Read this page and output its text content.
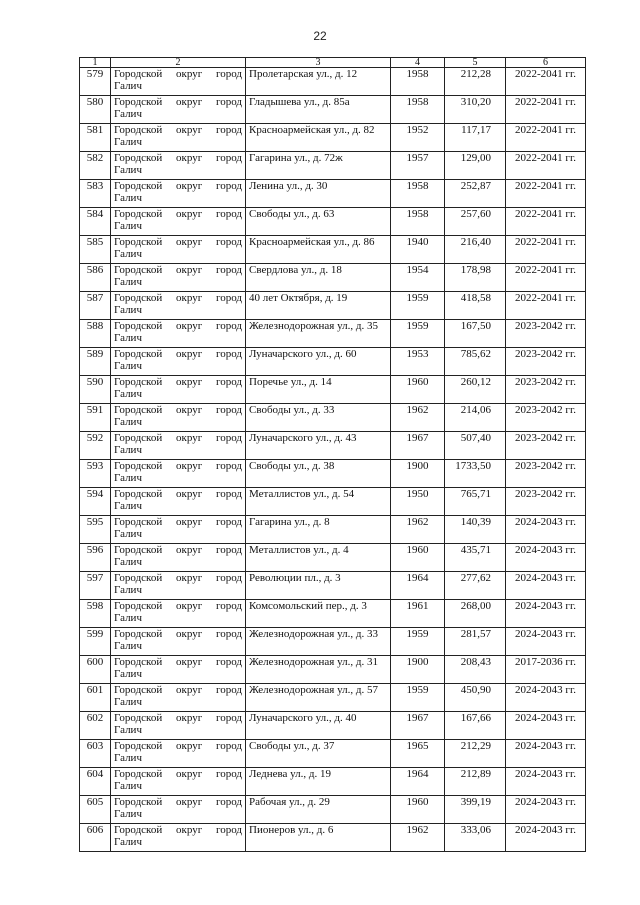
22
1	2	3	4	5	6
579	Городской округ город Галич	Пролетарская ул., д. 12	1958	212,28	2022-2041 гг.
580	Городской округ город Галич	Гладышева ул., д. 85а	1958	310,20	2022-2041 гг.
581	Городской округ город Галич	Красноармейская ул., д. 82	1952	117,17	2022-2041 гг.
582	Городской округ город Галич	Гагарина ул., д. 72ж	1957	129,00	2022-2041 гг.
583	Городской округ город Галич	Ленина ул., д. 30	1958	252,87	2022-2041 гг.
584	Городской округ город Галич	Свободы ул., д. 63	1958	257,60	2022-2041 гг.
585	Городской округ город Галич	Красноармейская ул., д. 86	1940	216,40	2022-2041 гг.
586	Городской округ город Галич	Свердлова ул., д. 18	1954	178,98	2022-2041 гг.
587	Городской округ город Галич	40 лет Октября, д. 19	1959	418,58	2022-2041 гг.
588	Городской округ город Галич	Железнодорожная ул., д. 35	1959	167,50	2023-2042 гг.
589	Городской округ город Галич	Луначарского ул., д. 60	1953	785,62	2023-2042 гг.
590	Городской округ город Галич	Поречье ул., д. 14	1960	260,12	2023-2042 гг.
591	Городской округ город Галич	Свободы ул., д. 33	1962	214,06	2023-2042 гг.
592	Городской округ город Галич	Луначарского ул., д. 43	1967	507,40	2023-2042 гг.
593	Городской округ город Галич	Свободы ул., д. 38	1900	1733,50	2023-2042 гг.
594	Городской округ город Галич	Металлистов ул., д. 54	1950	765,71	2023-2042 гг.
595	Городской округ город Галич	Гагарина ул., д. 8	1962	140,39	2024-2043 гг.
596	Городской округ город Галич	Металлистов ул., д. 4	1960	435,71	2024-2043 гг.
597	Городской округ город Галич	Революции пл., д. 3	1964	277,62	2024-2043 гг.
598	Городской округ город Галич	Комсомольский пер., д. 3	1961	268,00	2024-2043 гг.
599	Городской округ город Галич	Железнодорожная ул., д. 33	1959	281,57	2024-2043 гг.
600	Городской округ город Галич	Железнодорожная ул., д. 31	1900	208,43	2017-2036 гг.
601	Городской округ город Галич	Железнодорожная ул., д. 57	1959	450,90	2024-2043 гг.
602	Городской округ город Галич	Луначарского ул., д. 40	1967	167,66	2024-2043 гг.
603	Городской округ город Галич	Свободы ул., д. 37	1965	212,29	2024-2043 гг.
604	Городской округ город Галич	Леднева ул., д. 19	1964	212,89	2024-2043 гг.
605	Городской округ город Галич	Рабочая ул., д. 29	1960	399,19	2024-2043 гг.
606	Городской округ город Галич	Пионеров ул., д. 6	1962	333,06	2024-2043 гг.
